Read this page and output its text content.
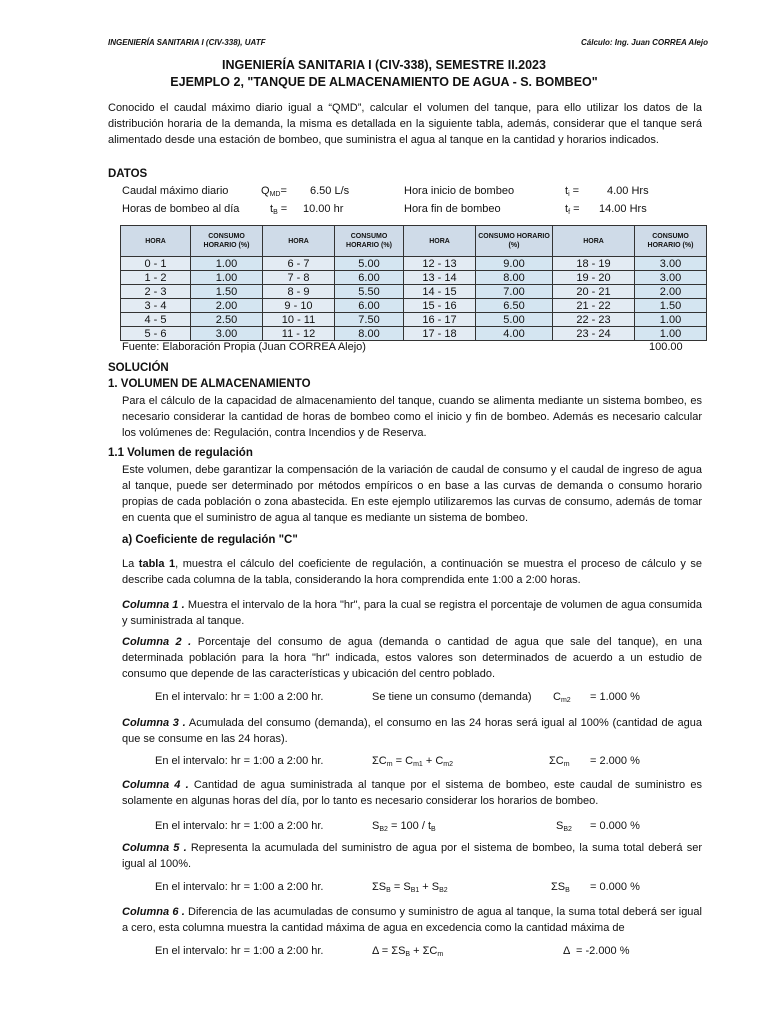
INGENIERÍA SANITARIA I (CIV-338), UATF	Cálculo: Ing. Juan CORREA Alejo
INGENIERÍA SANITARIA I (CIV-338), SEMESTRE II.2023
EJEMPLO 2, "TANQUE DE ALMACENAMIENTO DE AGUA - S. BOMBEO"
Conocido el caudal máximo diario igual a “QMD”, calcular el volumen del tanque, para ello utilizar los datos de la distribución horaria de la demanda, la misma es detallada en la siguiente tabla, además, considerar que el tanque será alimentado desde una estación de bombeo, que suministra el agua al tanque en la cantidad y horarios indicados.
DATOS
Caudal máximo diario	$Q_{MD}= 6.50$ L/s
Horas de bombeo al día	$t_B = 10.00$ hr
Hora inicio de bombeo	$t_i$ =	4.00 Hrs
Hora fin de bombeo	$t_f = 14.00$ Hrs
HORA	CONSUMO HORARIO (%)	HORA	CONSUMO HORARIO (%)	HORA	CONSUMO HORARIO (%)	HORA	CONSUMO HORARIO (%)
0 - 1	1.00	6 - 7	5.00	12 - 13	9.00	18 - 19	3.00
1 - 2	1.00	7 - 8	6.00	13 - 14	8.00	19 - 20	3.00
2 - 3	1.50	8 - 9	5.50	14 - 15	7.00	20 - 21	2.00
3 - 4	2.00	9 - 10	6.00	15 - 16	6.50	21 - 22	1.50
4 - 5	2.50	10 - 11	7.50	16 - 17	5.00	22 - 23	1.00
5 - 6	3.00	11 - 12	8.00	17 - 18	4.00	23 - 24	1.00
Fuente: Elaboración Propia (Juan CORREA Alejo)	100.00
SOLUCIÓN
1. VOLUMEN DE ALMACENAMIENTO
Para el cálculo de la capacidad de almacenamiento del tanque, cuando se alimenta mediante un sistema bombeo, es necesario considerar la cantidad de horas de bombeo como el inicio y fin de bombeo. Además es necesario calcular los volúmenes de: Regulación, contra Incendios y de Reserva.
1.1 Volumen de regulación
Este volumen, debe garantizar la compensación de la variación de caudal de consumo y el caudal de ingreso de agua al tanque, puede ser determinado por métodos empíricos o en base a las curvas de demanda o consumo horario propias de cada población o zona abastecida. En este ejemplo utilizaremos las curvas de consumo, además de tomar en cuenta que el suministro de agua al tanque es mediante un sistema de bombeo.
a) Coeficiente de regulación "C"
La tabla 1, muestra el cálculo del coeficiente de regulación, a continuación se muestra el proceso de cálculo y se describe cada columna de la tabla, considerando la hora comprendida ente 1:00 a 2:00 horas.
Columna 1 . Muestra el intervalo de la hora "hr", para la cual se registra el porcentaje de volumen de agua consumida y suministrada al tanque.
Columna 2 . Porcentaje del consumo de agua (demanda o cantidad de agua que sale del tanque), en una determinada población para la hora "hr" indicada, estos valores son determinados de acuerdo a un estudio de consumo que depende de las características y ubicación del centro poblado.
En el intervalo: hr = 1:00 a 2:00 hr.	Se tiene un consumo (demanda) $C_{m2} = 1.000$ %
Columna 3 . Acumulada del consumo (demanda), el consumo en las 24 horas será igual al 100% (cantidad de agua que se consume en las 24 horas).
En el intervalo: hr = 1:00 a 2:00 hr.	$\Sigma C_m = C_{m1} + C_{m2}$	$\Sigma C_m = 2.000$ %
Columna 4 . Cantidad de agua suministrada al tanque por el sistema de bombeo, este caudal de suministro es solamente en algunas horas del día, por lo tanto es necesario considerar los horarios de bombeo.
En el intervalo: hr = 1:00 a 2:00 hr.	$S_{B2} = 100 / t_B$	$S_{B2} = 0.000$ %
Columna 5 . Representa la acumulada del suministro de agua por el sistema de bombeo, la suma total deberá ser igual al 100%.
En el intervalo: hr = 1:00 a 2:00 hr.	$\Sigma S_B = S_{B1} + S_{B2}$	$\Sigma S_B = 0.000$ %
Columna 6 . Diferencia de las acumuladas de consumo y suministro de agua al tanque, la suma total deberá ser igual a cero, esta columna muestra la cantidad máxima de agua en excedencia como la cantidad máxima de
En el intervalo: hr = 1:00 a 2:00 hr.	$\Delta = \Sigma S_B + \Sigma C_m$	Δ = -2.000 %
